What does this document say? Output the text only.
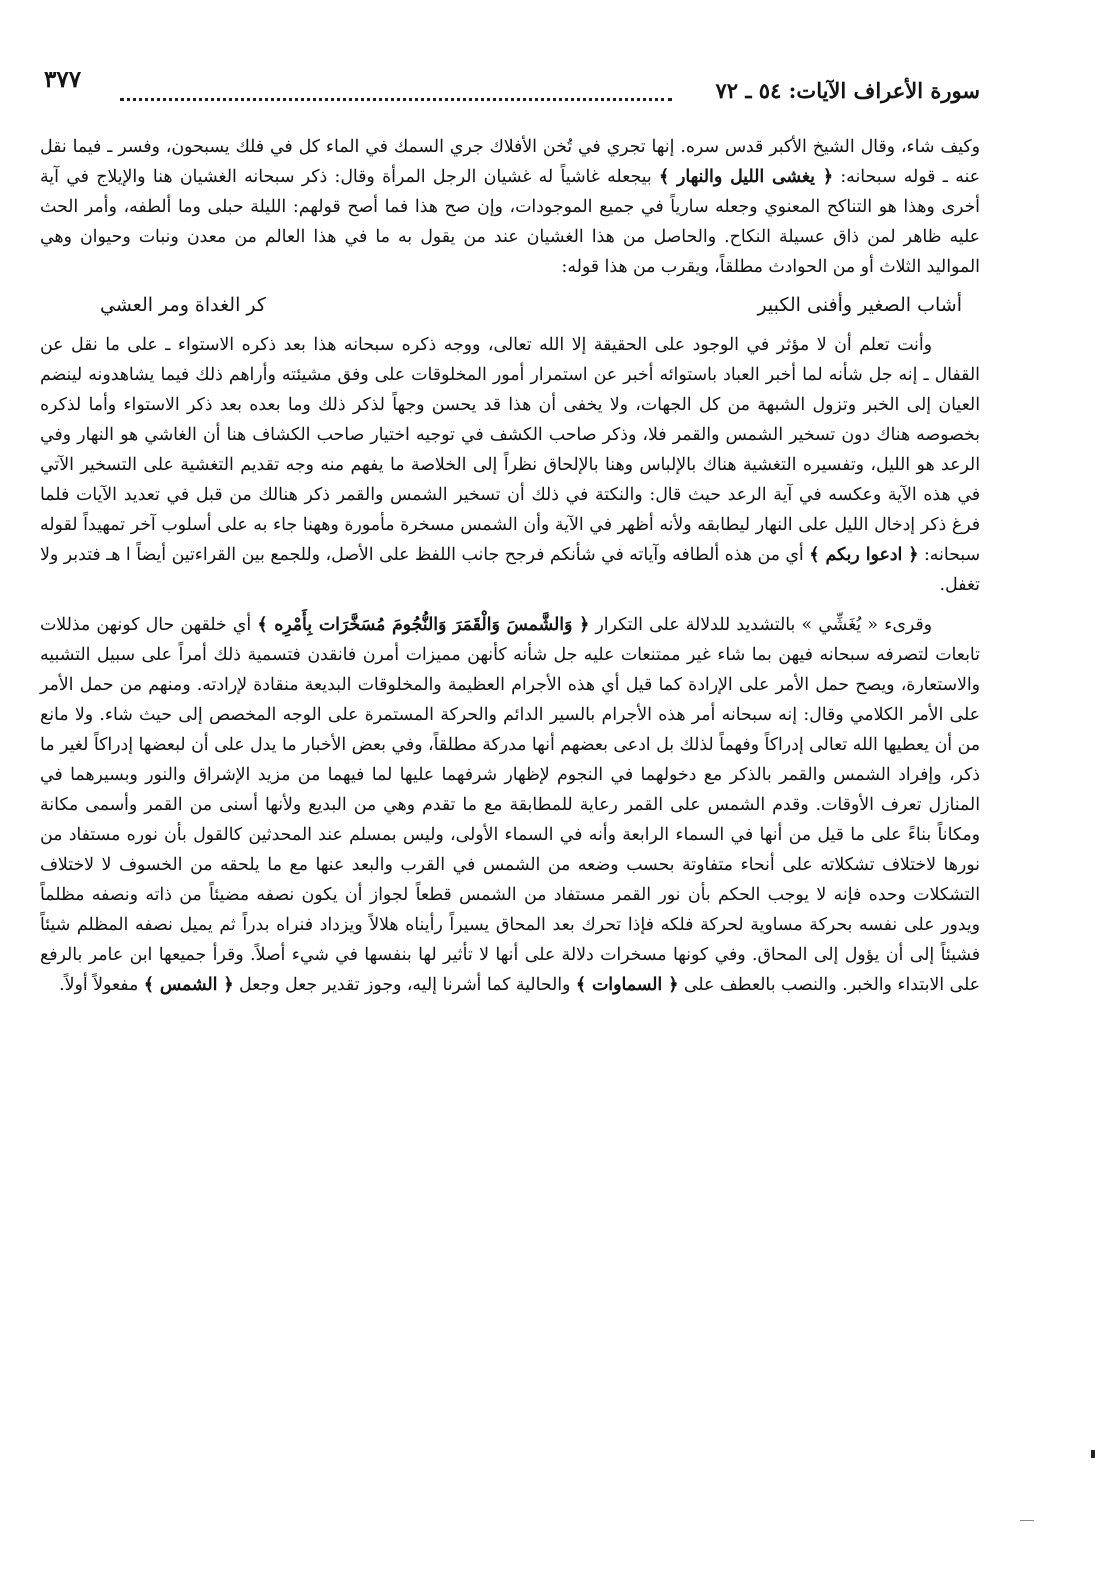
سورة الأعراف الآيات: ٥٤ ـ ٧٢
٣٧٧

وكيف شاء، وقال الشيخ الأكبر قدس سره. إنها تجري في تُخن الأفلاك جري السمك في الماء كل في فلك يسبحون، وفسر ـ فيما نقل عنه ـ قوله سبحانه: ﴿ يغشى الليل والنهار ﴾ بيجعله غاشياً له غشيان الرجل المرأة وقال: ذكر سبحانه الغشيان هنا والإيلاج في آية أخرى وهذا هو التناكح المعنوي وجعله سارياً في جميع الموجودات، وإن صح هذا فما أصح قولهم: الليلة حبلى وما ألطفه، وأمر الحث عليه ظاهر لمن ذاق عسيلة النكاح. والحاصل من هذا الغشيان عند من يقول به ما في هذا العالم من معدن ونبات وحيوان وهي المواليد الثلاث أو من الحوادث مطلقاً، ويقرب من هذا قوله:

أشاب الصغير وأفنى الكبير
كر الغداة ومر العشي

وأنت تعلم أن لا مؤثر في الوجود على الحقيقة إلا الله تعالى، ووجه ذكره سبحانه هذا بعد ذكره الاستواء ـ على ما نقل عن القفال ـ إنه جل شأنه لما أخبر العباد باستوائه أخبر عن استمرار أمور المخلوقات على وفق مشيئته وأراهم ذلك فيما يشاهدونه لينضم العيان إلى الخبر وتزول الشبهة من كل الجهات، ولا يخفى أن هذا قد يحسن وجهاً لذكر ذلك وما بعده بعد ذكر الاستواء وأما لذكره بخصوصه هناك دون تسخير الشمس والقمر فلا، وذكر صاحب الكشف في توجيه اختيار صاحب الكشاف هنا أن الغاشي هو النهار وفي الرعد هو الليل، وتفسيره التغشية هناك بالإلباس وهنا بالإلحاق نظراً إلى الخلاصة ما يفهم منه وجه تقديم التغشية على التسخير الآتي في هذه الآية وعكسه في آية الرعد حيث قال: والنكتة في ذلك أن تسخير الشمس والقمر ذكر هنالك من قبل في تعديد الآيات فلما فرغ ذكر إدخال الليل على النهار ليطابقه ولأنه أظهر في الآية وأن الشمس مسخرة مأمورة وههنا جاء به على أسلوب آخر تمهيداً لقوله سبحانه: ﴿ ادعوا ربكم ﴾ أي من هذه ألطافه وآياته في شأنكم فرجح جانب اللفظ على الأصل، وللجمع بين القراءتين أيضاً ا هـ فتدبر ولا تغفل.

وقرىء « يُغَشِّي » بالتشديد للدلالة على التكرار ﴿ وَالشَّمسَ وَالْقَمَرَ وَالنُّجُومَ مُسَخَّرَات بِأَمْرِه ﴾ أي خلقهن حال كونهن مذللات تابعات لتصرفه سبحانه فيهن بما شاء غير ممتنعات عليه جل شأنه كأنهن مميزات أمرن فانقدن فتسمية ذلك أمراً على سبيل التشبيه والاستعارة، ويصح حمل الأمر على الإرادة كما قيل أي هذه الأجرام العظيمة والمخلوقات البديعة منقادة لإرادته. ومنهم من حمل الأمر على الأمر الكلامي وقال: إنه سبحانه أمر هذه الأجرام بالسير الدائم والحركة المستمرة على الوجه المخصص إلى حيث شاء. ولا مانع من أن يعطيها الله تعالى إدراكاً وفهماً لذلك بل ادعى بعضهم أنها مدركة مطلقاً، وفي بعض الأخبار ما يدل على أن لبعضها إدراكاً لغير ما ذكر، وإفراد الشمس والقمر بالذكر مع دخولهما في النجوم لإظهار شرفهما عليها لما فيهما من مزيد الإشراق والنور وبسيرهما في المنازل تعرف الأوقات. وقدم الشمس على القمر رعاية للمطابقة مع ما تقدم وهي من البديع ولأنها أسنى من القمر وأسمى مكانة ومكاناً بناءً على ما قيل من أنها في السماء الرابعة وأنه في السماء الأولى، وليس بمسلم عند المحدثين كالقول بأن نوره مستفاد من نورها لاختلاف تشكلاته على أنحاء متفاوتة بحسب وضعه من الشمس في القرب والبعد عنها مع ما يلحقه من الخسوف لا لاختلاف التشكلات وحده فإنه لا يوجب الحكم بأن نور القمر مستفاد من الشمس قطعاً لجواز أن يكون نصفه مضيئاً من ذاته ونصفه مظلماً ويدور على نفسه بحركة مساوية لحركة فلكه فإذا تحرك بعد المحاق يسيراً رأيناه هلالاً ويزداد فنراه بدراً ثم يميل نصفه المظلم شيئاً فشيئاً إلى أن يؤول إلى المحاق. وفي كونها مسخرات دلالة على أنها لا تأثير لها بنفسها في شيء أصلاً. وقرأ جميعها ابن عامر بالرفع على الابتداء والخبر. والنصب بالعطف على ﴿ السماوات ﴾ والحالية كما أشرنا إليه، وجوز تقدير جعل وجعل ﴿ الشمس ﴾ مفعولاً أولاً.
